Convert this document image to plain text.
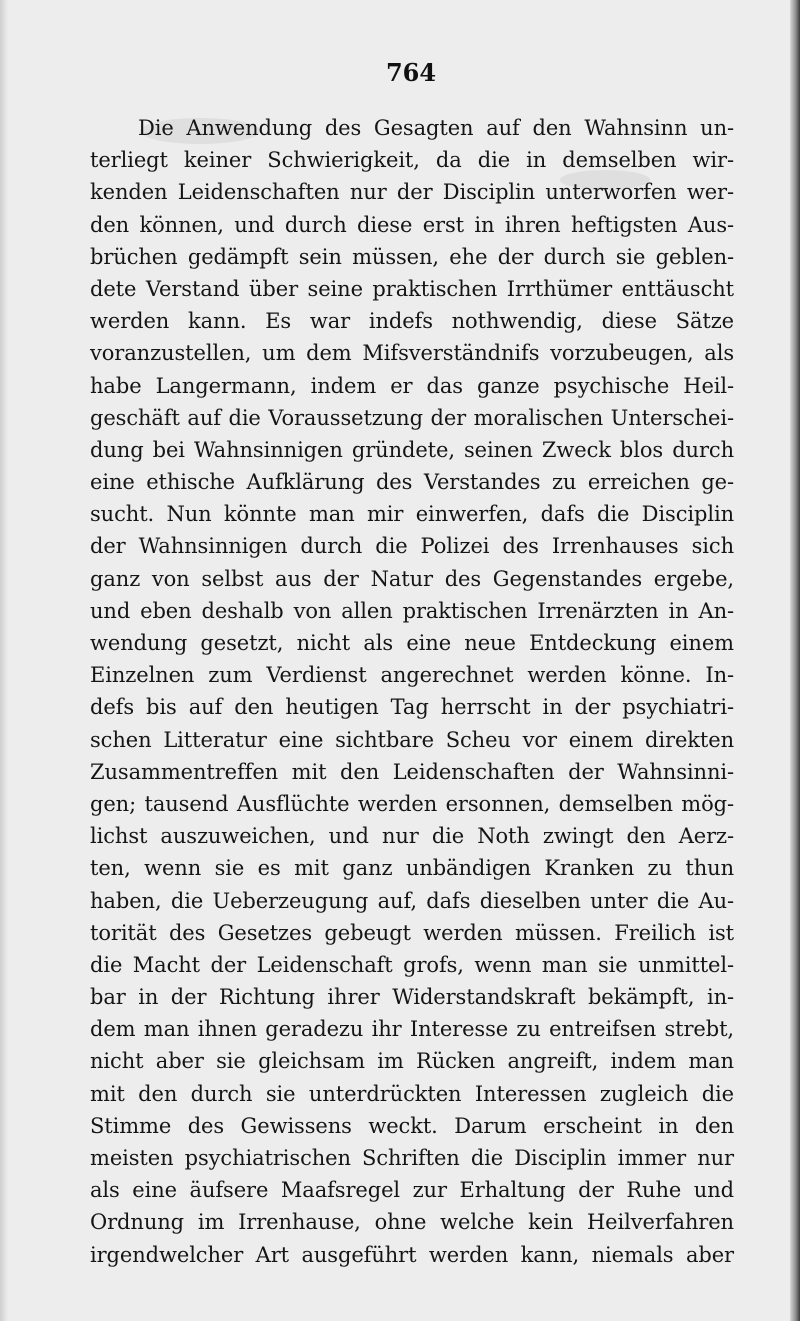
764
Die Anwendung des Gesagten auf den Wahnsinn un-
terliegt keiner Schwierigkeit, da die in demselben wir-
kenden Leidenschaften nur der Disciplin unterworfen wer-
den können, und durch diese erst in ihren heftigsten Aus-
brüchen gedämpft sein müssen, ehe der durch sie geblen-
dete Verstand über seine praktischen Irrthümer enttäuscht
werden kann. Es war indefs nothwendig, diese Sätze
voranzustellen, um dem Mifsverständnifs vorzubeugen, als
habe Langermann, indem er das ganze psychische Heil-
geschäft auf die Voraussetzung der moralischen Unterschei-
dung bei Wahnsinnigen gründete, seinen Zweck blos durch
eine ethische Aufklärung des Verstandes zu erreichen ge-
sucht. Nun könnte man mir einwerfen, dafs die Disciplin
der Wahnsinnigen durch die Polizei des Irrenhauses sich
ganz von selbst aus der Natur des Gegenstandes ergebe,
und eben deshalb von allen praktischen Irrenärzten in An-
wendung gesetzt, nicht als eine neue Entdeckung einem
Einzelnen zum Verdienst angerechnet werden könne. In-
defs bis auf den heutigen Tag herrscht in der psychiatri-
schen Litteratur eine sichtbare Scheu vor einem direkten
Zusammentreffen mit den Leidenschaften der Wahnsinni-
gen; tausend Ausflüchte werden ersonnen, demselben mög-
lichst auszuweichen, und nur die Noth zwingt den Aerz-
ten, wenn sie es mit ganz unbändigen Kranken zu thun
haben, die Ueberzeugung auf, dafs dieselben unter die Au-
torität des Gesetzes gebeugt werden müssen. Freilich ist
die Macht der Leidenschaft grofs, wenn man sie unmittel-
bar in der Richtung ihrer Widerstandskraft bekämpft, in-
dem man ihnen geradezu ihr Interesse zu entreifsen strebt,
nicht aber sie gleichsam im Rücken angreift, indem man
mit den durch sie unterdrückten Interessen zugleich die
Stimme des Gewissens weckt. Darum erscheint in den
meisten psychiatrischen Schriften die Disciplin immer nur
als eine äufsere Maafsregel zur Erhaltung der Ruhe und
Ordnung im Irrenhause, ohne welche kein Heilverfahren
irgendwelcher Art ausgeführt werden kann, niemals aber
